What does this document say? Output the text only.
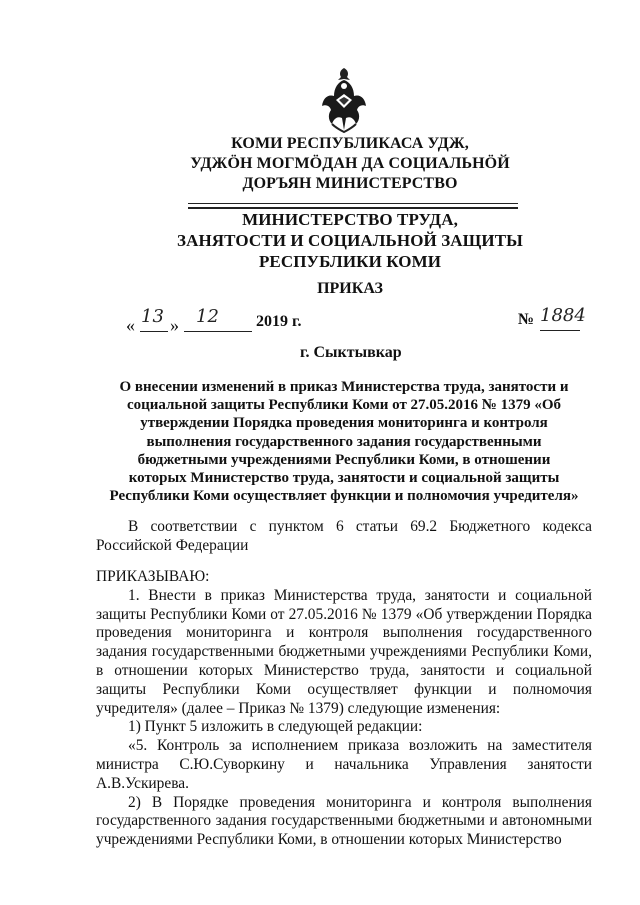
КОМИ РЕСПУБЛИКАСА УДЖ,
УДЖӦН МОГМӦДАН ДА СОЦИАЛЬНӦЙ
ДОРЪЯН МИНИСТЕРСТВО
МИНИСТЕРСТВО ТРУДА,
ЗАНЯТОСТИ И СОЦИАЛЬНОЙ ЗАЩИТЫ
РЕСПУБЛИКИ КОМИ
ПРИКАЗ
« 13 » 12 2019 г.	№ 1884
г. Сыктывкар
О внесении изменений в приказ Министерства труда, занятости и
социальной защиты Республики Коми от 27.05.2016 № 1379 «Об
утверждении Порядка проведения мониторинга и контроля
выполнения государственного задания государственными
бюджетными учреждениями Республики Коми, в отношении
которых Министерство труда, занятости и социальной защиты
Республики Коми осуществляет функции и полномочия учредителя»

В соответствии с пунктом 6 статьи 69.2 Бюджетного кодекса Российской Федерации

ПРИКАЗЫВАЮ:

1. Внести в приказ Министерства труда, занятости и социальной защиты Республики Коми от 27.05.2016 № 1379 «Об утверждении Порядка проведения мониторинга и контроля выполнения государственного задания государственными бюджетными учреждениями Республики Коми, в отношении которых Министерство труда, занятости и социальной защиты Республики Коми осуществляет функции и полномочия учредителя» (далее – Приказ № 1379) следующие изменения:

1) Пункт 5 изложить в следующей редакции:

«5. Контроль за исполнением приказа возложить на заместителя министра С.Ю.Суворкину и начальника Управления занятости А.В.Ускирева.

2) В Порядке проведения мониторинга и контроля выполнения государственного задания государственными бюджетными и автономными учреждениями Республики Коми, в отношении которых Министерство
